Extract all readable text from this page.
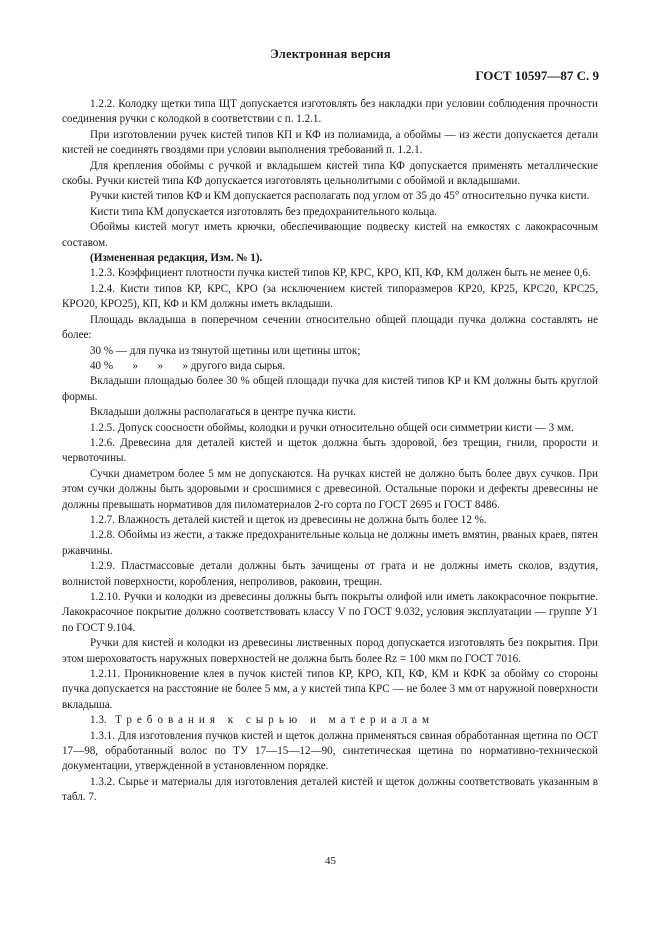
Электронная версия
ГОСТ 10597—87 С. 9

1.2.2. Колодку щетки типа ЩТ допускается изготовлять без накладки при условии соблюдения прочности соединения ручки с колодкой в соответствии с п. 1.2.1.

При изготовлении ручек кистей типов КП и КФ из полиамида, а обоймы — из жести допускается детали кистей не соединять гвоздями при условии выполнения требований п. 1.2.1.

Для крепления обоймы с ручкой и вкладышем кистей типа КФ допускается применять металлические скобы. Ручки кистей типа КФ допускается изготовлять цельнолитыми с обоймой и вкладышами.

Ручки кистей типов КФ и КМ допускается располагать под углом от 35 до 45° относительно пучка кисти.

Кисти типа КМ допускается изготовлять без предохранительного кольца.

Обоймы кистей могут иметь крючки, обеспечивающие подвеску кистей на емкостях с лакокрасочным составом.

(Измененная редакция, Изм. № 1).

1.2.3. Коэффициент плотности пучка кистей типов КР, КРС, КРО, КП, КФ, КМ должен быть не менее 0,6.

1.2.4. Кисти типов КР, КРС, КРО (за исключением кистей типоразмеров КР20, КР25, КРС20, КРС25, КРО20, КРО25), КП, КФ и КМ должны иметь вкладыши.

Площадь вкладыша в поперечном сечении относительно общей площади пучка должна составлять не более:

30 % — для пучка из тянутой щетины или щетины шток;

40 %       »       »       » другого вида сырья.

Вкладыши площадью более 30 % общей площади пучка для кистей типов КР и КМ должны быть круглой формы.

Вкладыши должны располагаться в центре пучка кисти.

1.2.5. Допуск соосности обоймы, колодки и ручки относительно общей оси симметрии кисти — 3 мм.

1.2.6. Древесина для деталей кистей и щеток должна быть здоровой, без трещин, гнили, прорости и червоточины.

Сучки диаметром более 5 мм не допускаются. На ручках кистей не должно быть более двух сучков. При этом сучки должны быть здоровыми и сросшимися с древесиной. Остальные пороки и дефекты древесины не должны превышать нормативов для пиломатериалов 2-го сорта по ГОСТ 2695 и ГОСТ 8486.

1.2.7. Влажность деталей кистей и щеток из древесины не должна быть более 12 %.

1.2.8. Обоймы из жести, а также предохранительные кольца не должны иметь вмятин, рваных краев, пятен ржавчины.

1.2.9. Пластмассовые детали должны быть зачищены от грата и не должны иметь сколов, вздутия, волнистой поверхности, коробления, непроливов, раковин, трещин.

1.2.10. Ручки и колодки из древесины должны быть покрыты олифой или иметь лакокрасочное покрытие. Лакокрасочное покрытие должно соответствовать классу V по ГОСТ 9.032, условия эксплуатации — группе У1 по ГОСТ 9.104.

Ручки для кистей и колодки из древесины лиственных пород допускается изготовлять без покрытия. При этом шероховатость наружных поверхностей не должна быть более Rz = 100 мкм по ГОСТ 7016.

1.2.11. Проникновение клея в пучок кистей типов КР, КРО, КП, КФ, КМ и КФК за обойму со стороны пучка допускается на расстояние не более 5 мм, а у кистей типа КРС — не более 3 мм от наружной поверхности вкладыша.

1.3. Требования к сырью и материалам

1.3.1. Для изготовления пучков кистей и щеток должна применяться свиная обработанная щетина по ОСТ 17—98, обработанный волос по ТУ 17—15—12—90, синтетическая щетина по нормативно-технической документации, утвержденной в установленном порядке.

1.3.2. Сырье и материалы для изготовления деталей кистей и щеток должны соответствовать указанным в табл. 7.

45
